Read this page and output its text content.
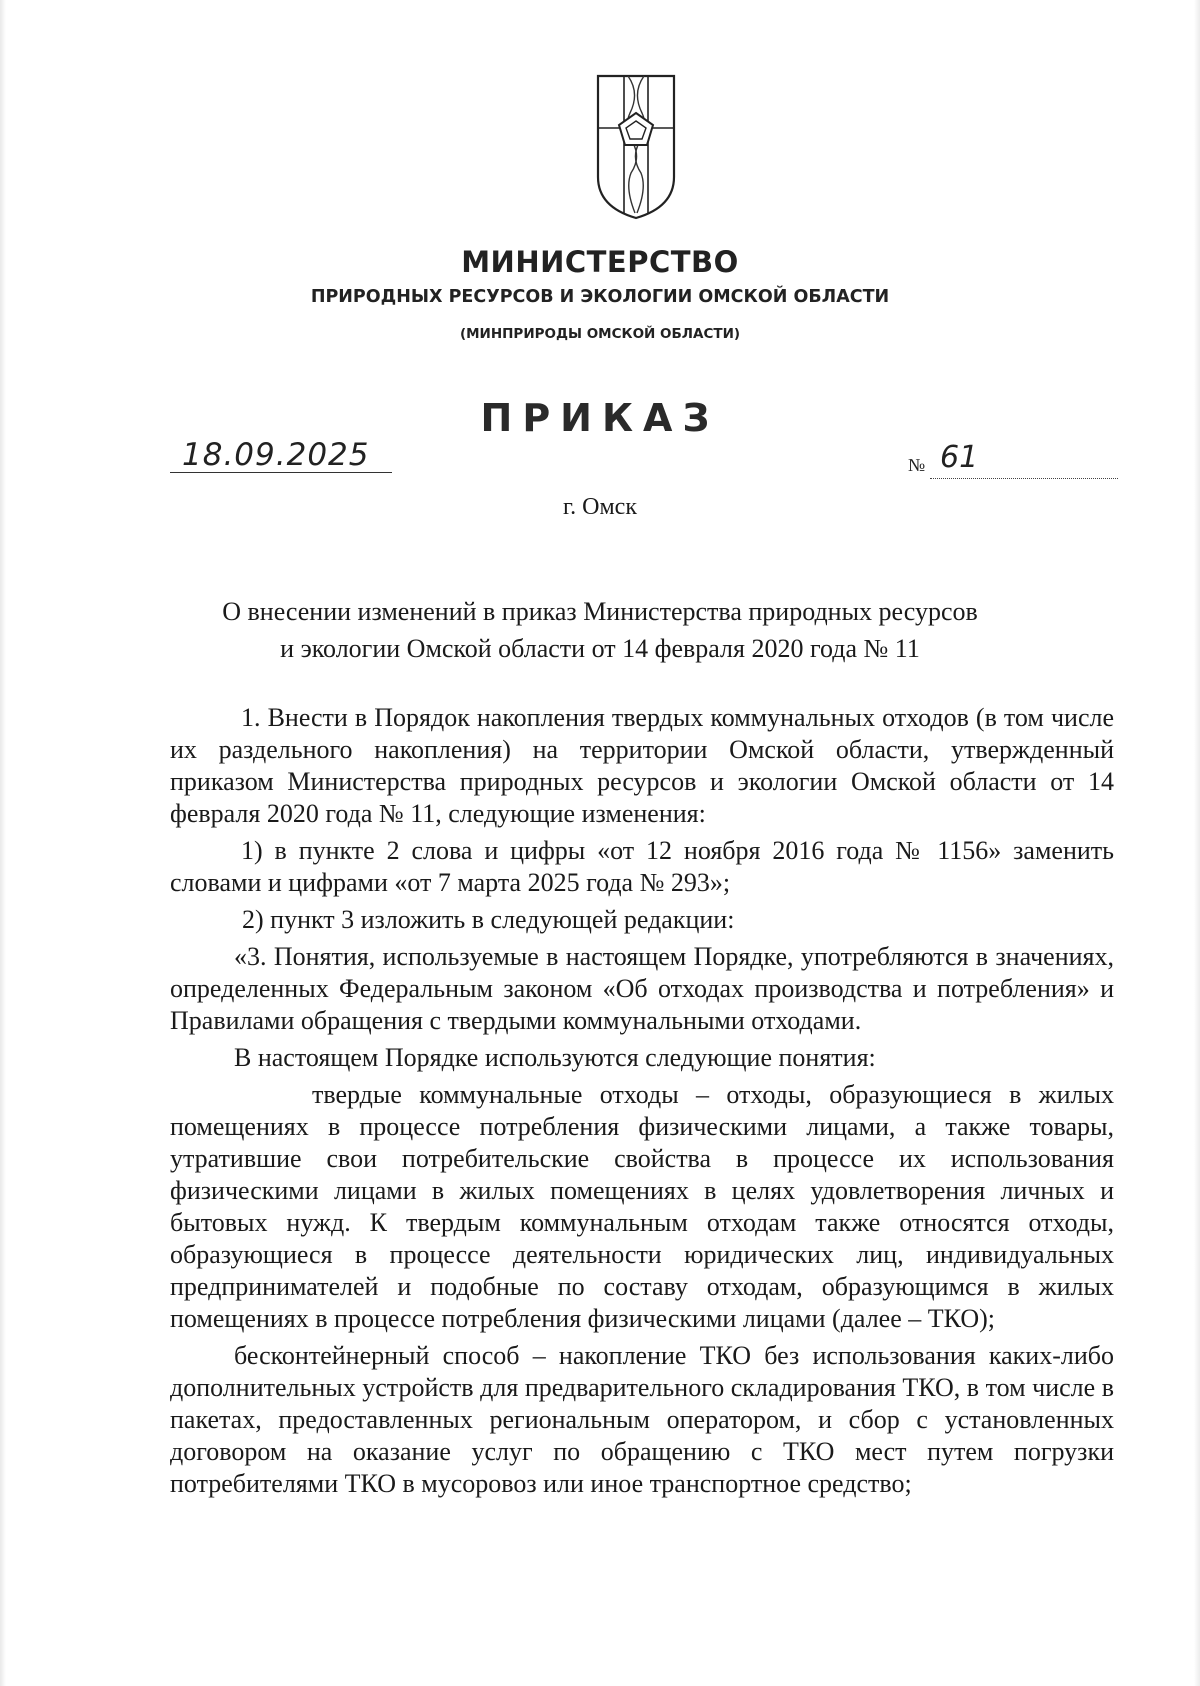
МИНИСТЕРСТВО
ПРИРОДНЫХ РЕСУРСОВ И ЭКОЛОГИИ ОМСКОЙ ОБЛАСТИ
(МИНПРИРОДЫ ОМСКОЙ ОБЛАСТИ)
ПРИКАЗ
18.09.2025	№ 61
г. Омск
О внесении изменений в приказ Министерства природных ресурсов
и экологии Омской области от 14 февраля 2020 года № 11

1. Внести в Порядок накопления твердых коммунальных отходов (в том числе их раздельного накопления) на территории Омской области, утвержденный приказом Министерства природных ресурсов и экологии Омской области от 14 февраля 2020 года № 11, следующие изменения:

1) в пункте 2 слова и цифры «от 12 ноября 2016 года № 1156» заменить словами и цифрами «от 7 марта 2025 года № 293»;

2) пункт 3 изложить в следующей редакции:

«3. Понятия, используемые в настоящем Порядке, употребляются в значениях, определенных Федеральным законом «Об отходах производства и потребления» и Правилами обращения с твердыми коммунальными отходами.

В настоящем Порядке используются следующие понятия:

твердые коммунальные отходы – отходы, образующиеся в жилых помещениях в процессе потребления физическими лицами, а также товары, утратившие свои потребительские свойства в процессе их использования физическими лицами в жилых помещениях в целях удовлетворения личных и бытовых нужд. К твердым коммунальным отходам также относятся отходы, образующиеся в процессе деятельности юридических лиц, индивидуальных предпринимателей и подобные по составу отходам, образующимся в жилых помещениях в процессе потребления физическими лицами (далее – ТКО);

бесконтейнерный способ – накопление ТКО без использования каких-либо дополнительных устройств для предварительного складирования ТКО, в том числе в пакетах, предоставленных региональным оператором, и сбор с установленных договором на оказание услуг по обращению с ТКО мест путем погрузки потребителями ТКО в мусоровоз или иное транспортное средство;
